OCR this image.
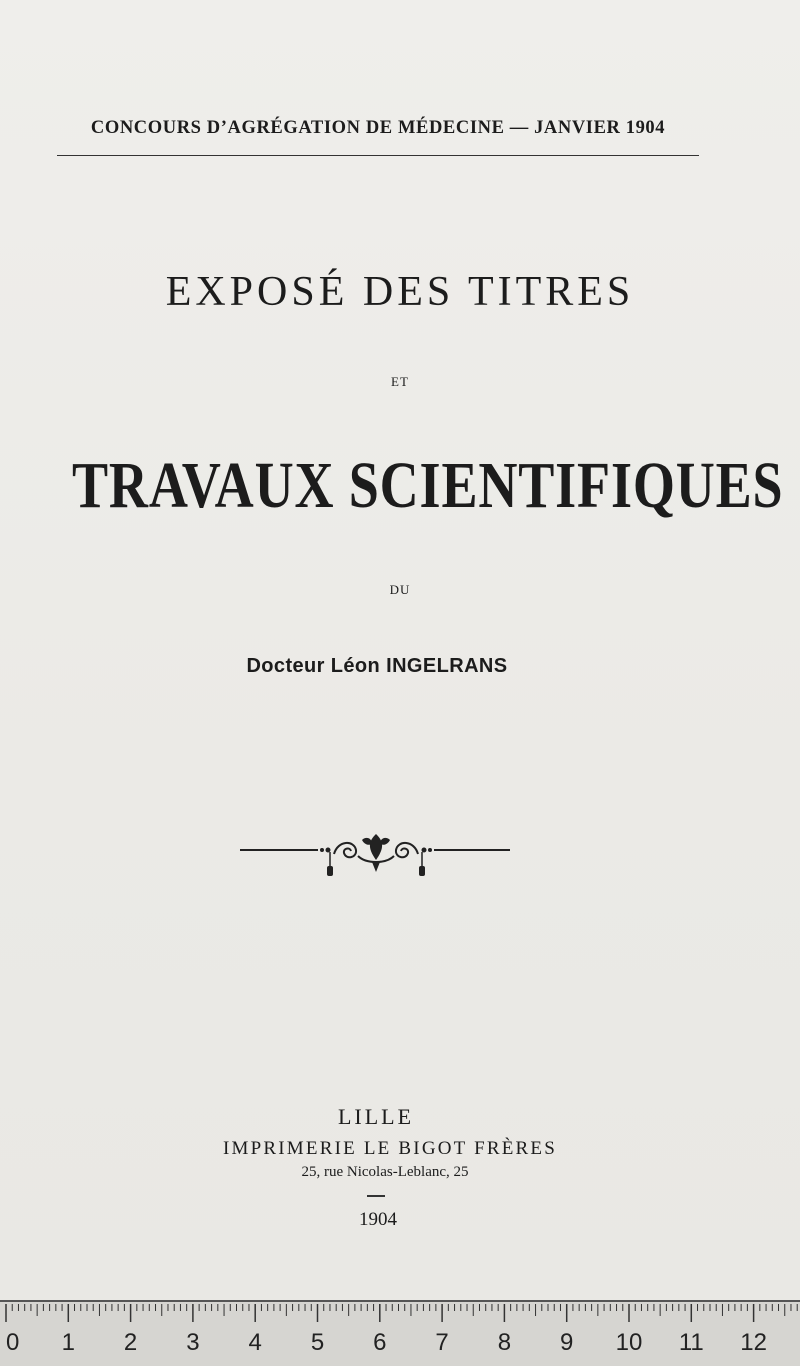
CONCOURS D’AGRÉGATION DE MÉDECINE — JANVIER 1904
EXPOSÉ DES TITRES
ET
TRAVAUX SCIENTIFIQUES
DU
Docteur Léon INGELRANS
LILLE
IMPRIMERIE LE BIGOT FRÈRES
25, rue Nicolas-Leblanc, 25
1904
0 1 2 3 4 5 6 7 8 9 10 11 12
